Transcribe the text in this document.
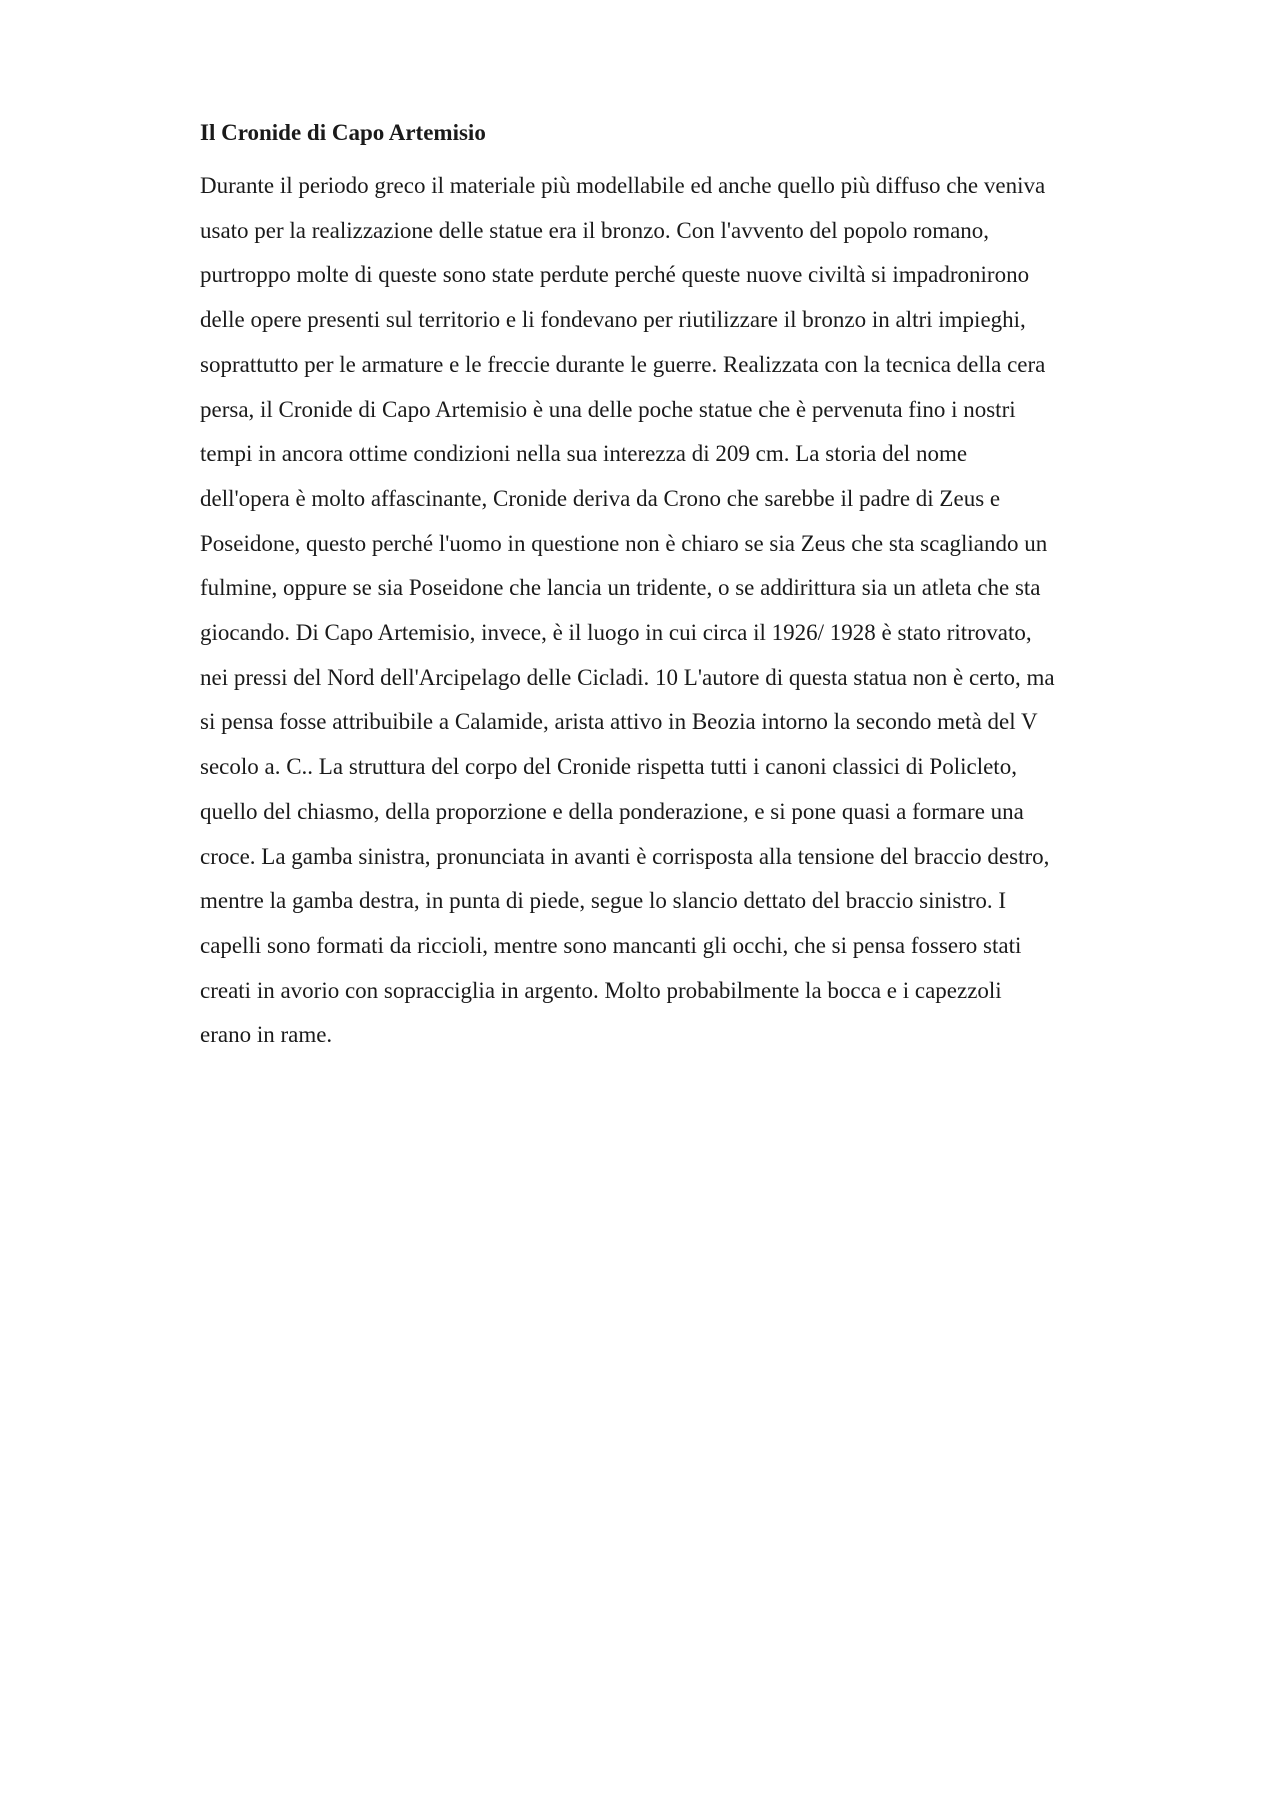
Il Cronide di Capo Artemisio

Durante il periodo greco il materiale più modellabile ed anche quello più diffuso che veniva
usato per la realizzazione delle statue era il bronzo. Con l'avvento del popolo romano,
purtroppo molte di queste sono state perdute perché queste nuove civiltà si impadronirono
delle opere presenti sul territorio e li fondevano per riutilizzare il bronzo in altri impieghi,
soprattutto per le armature e le freccie durante le guerre. Realizzata con la tecnica della cera
persa, il Cronide di Capo Artemisio è una delle poche statue che è pervenuta fino i nostri
tempi in ancora ottime condizioni nella sua interezza di 209 cm. La storia del nome
dell'opera è molto affascinante, Cronide deriva da Crono che sarebbe il padre di Zeus e
Poseidone, questo perché l'uomo in questione non è chiaro se sia Zeus che sta scagliando un
fulmine, oppure se sia Poseidone che lancia un tridente, o se addirittura sia un atleta che sta
giocando. Di Capo Artemisio, invece, è il luogo in cui circa il 1926/ 1928 è stato ritrovato,
nei pressi del Nord dell'Arcipelago delle Cicladi. 10 L'autore di questa statua non è certo, ma
si pensa fosse attribuibile a Calamide, arista attivo in Beozia intorno la secondo metà del V
secolo a. C.. La struttura del corpo del Cronide rispetta tutti i canoni classici di Policleto,
quello del chiasmo, della proporzione e della ponderazione, e si pone quasi a formare una
croce. La gamba sinistra, pronunciata in avanti è corrisposta alla tensione del braccio destro,
mentre la gamba destra, in punta di piede, segue lo slancio dettato del braccio sinistro. I
capelli sono formati da riccioli, mentre sono mancanti gli occhi, che si pensa fossero stati
creati in avorio con sopracciglia in argento. Molto probabilmente la bocca e i capezzoli
erano in rame.
